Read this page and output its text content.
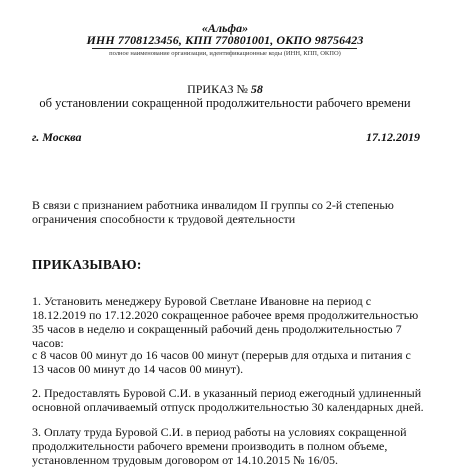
«Альфа»
ИНН 7708123456, КПП 770801001, ОКПО 98756423
полное наименование организации, идентификационные коды (ИНН, КПП, ОКПО)
ПРИКАЗ № 58
об установлении сокращенной продолжительности рабочего времени
г. Москва	17.12.2019
В связи с признанием работника инвалидом II группы со 2-й степенью ограничения способности к трудовой деятельности
ПРИКАЗЫВАЮ:
1. Установить менеджеру Буровой Светлане Ивановне на период с 18.12.2019 по 17.12.2020 сокращенное рабочее время продолжительностью 35 часов в неделю и сокращенный рабочий день продолжительностью 7 часов:
с 8 часов 00 минут до 16 часов 00 минут (перерыв для отдыха и питания с 13 часов 00 минут до 14 часов 00 минут).
2. Предоставлять Буровой С.И. в указанный период ежегодный удлиненный основной оплачиваемый отпуск продолжительностью 30 календарных дней.
3. Оплату труда Буровой С.И. в период работы на условиях сокращенной продолжительности рабочего времени производить в полном объеме, установленном трудовым договором от 14.10.2015 № 16/05.
